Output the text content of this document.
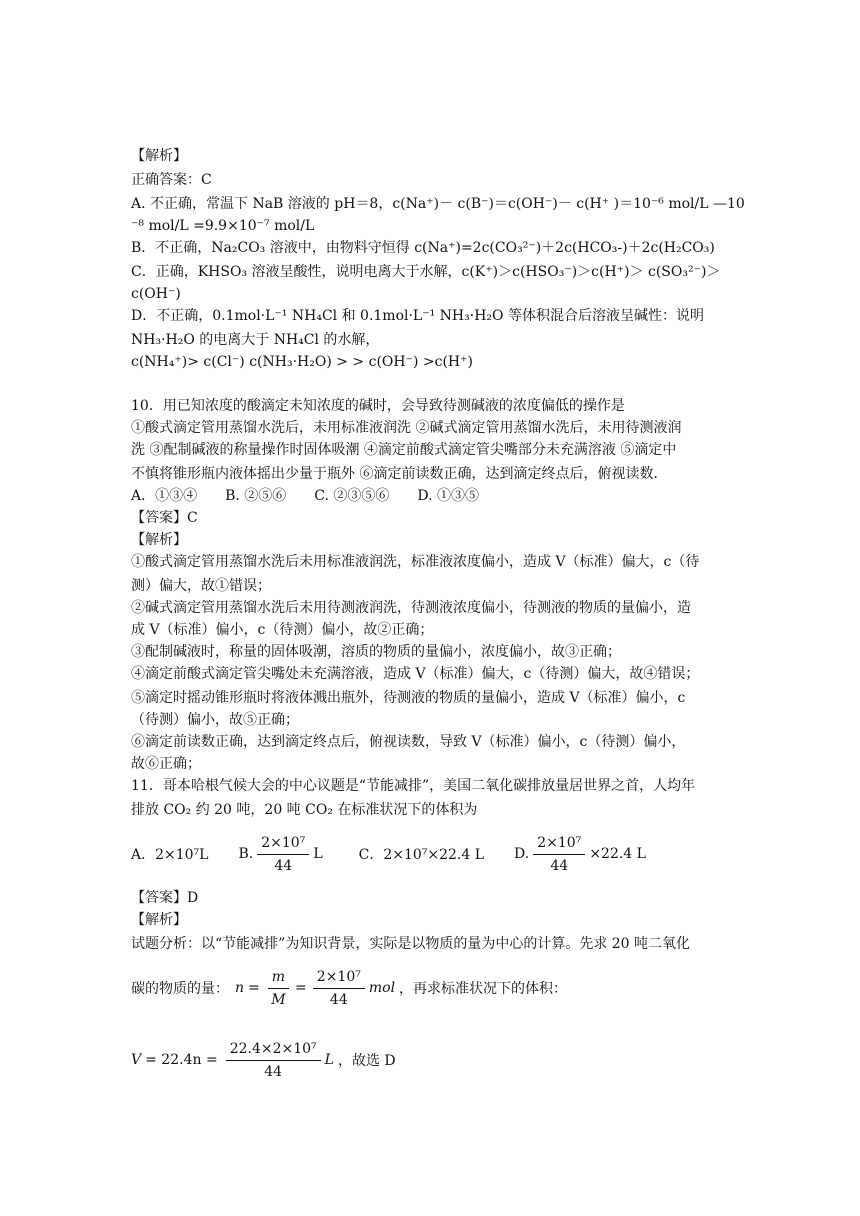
【解析】
正确答案：C
A. 不正确，常温下 NaB 溶液的 pH＝8，c(Na⁺)－ c(B⁻)＝c(OH⁻)－ c(H⁺ )＝10⁻⁶ mol/L —10
⁻⁸ mol/L =9.9×10⁻⁷ mol/L
B．不正确，Na₂CO₃ 溶液中，由物料守恒得 c(Na⁺)=2c(CO₃²⁻)＋2c(HCO₃-)＋2c(H₂CO₃)
C．正确，KHSO₃ 溶液呈酸性，说明电离大于水解，c(K⁺)＞c(HSO₃⁻)＞c(H⁺)＞ c(SO₃²⁻)＞
c(OH⁻)
D．不正确，0.1mol·L⁻¹ NH₄Cl 和 0.1mol·L⁻¹ NH₃·H₂O 等体积混合后溶液呈碱性：说明
NH₃·H₂O 的电离大于 NH₄Cl 的水解，
c(NH₄⁺)> c(Cl⁻) c(NH₃·H₂O) > > c(OH⁻) >c(H⁺)
10．用已知浓度的酸滴定未知浓度的碱时，会导致待测碱液的浓度偏低的操作是
①酸式滴定管用蒸馏水洗后，未用标准液润洗 ②碱式滴定管用蒸馏水洗后，未用待测液润
洗 ③配制碱液的称量操作时固体吸潮 ④滴定前酸式滴定管尖嘴部分未充满溶液 ⑤滴定中
不慎将锥形瓶内液体摇出少量于瓶外 ⑥滴定前读数正确，达到滴定终点后，俯视读数．
A．①③④　　B. ②⑤⑥　　C. ②③⑤⑥　　D. ①③⑤
【答案】C
【解析】
①酸式滴定管用蒸馏水洗后未用标准液润洗，标准液浓度偏小，造成 V（标准）偏大，c（待
测）偏大，故①错误；
②碱式滴定管用蒸馏水洗后未用待测液润洗，待测液浓度偏小，待测液的物质的量偏小，造
成 V（标准）偏小，c（待测）偏小，故②正确；
③配制碱液时，称量的固体吸潮，溶质的物质的量偏小，浓度偏小，故③正确；
④滴定前酸式滴定管尖嘴处未充满溶液，造成 V（标准）偏大，c（待测）偏大，故④错误；
⑤滴定时摇动锥形瓶时将液体溅出瓶外，待测液的物质的量偏小，造成 V（标准）偏小，c
（待测）偏小，故⑤正确；
⑥滴定前读数正确，达到滴定终点后，俯视读数，导致 V（标准）偏小，c（待测）偏小，
故⑥正确；
11．哥本哈根气候大会的中心议题是“节能减排”，美国二氧化碳排放量居世界之首，人均年
排放 CO₂ 约 20 吨，20 吨 CO₂ 在标准状况下的体积为
A．2×10⁷L B. $\frac{\text{2×10⁷}}{44}$ L	C．2×10⁷×22.4 L D. $\frac{\text{2×10⁷}}{44} \times 22.4$ L
【答案】D
【解析】
试题分析：以“节能减排”为知识背景，实际是以物质的量为中心的计算。先求 20 吨二氧化
碳的物质的量： $n = \frac{m}{M} = \frac{\text{2×10⁷}}{44}$ mol ，再求标准状况下的体积：
$V = 22.4n = \frac{\text{22.4×2×10⁷}}{44}$ L ，故选 D
